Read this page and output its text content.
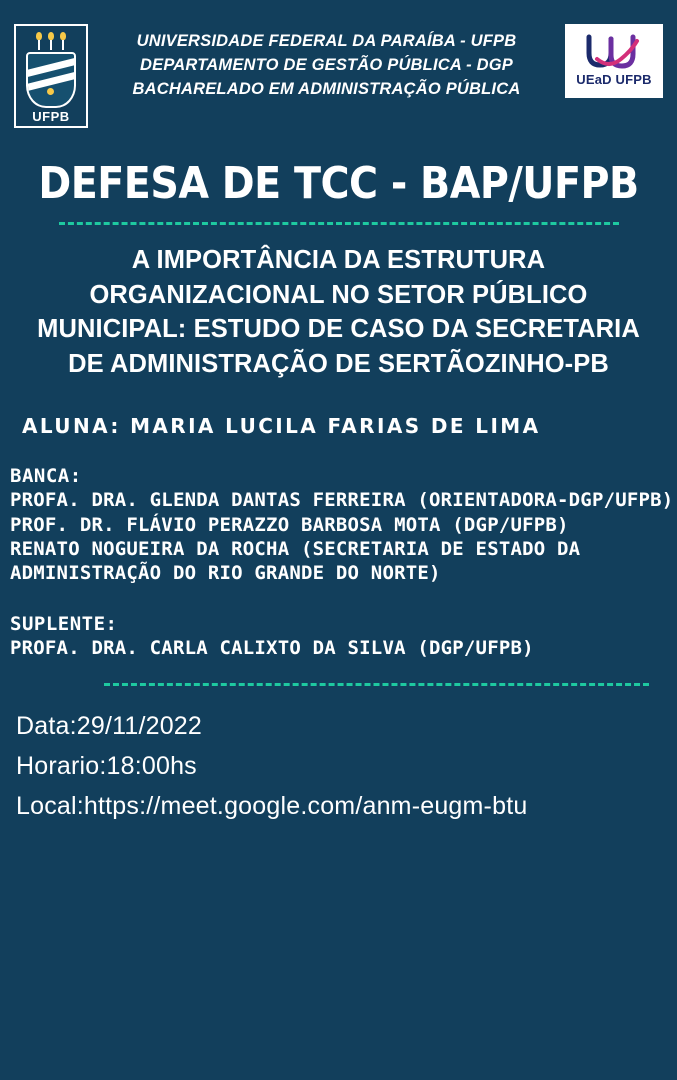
UFPB
UNIVERSIDADE FEDERAL DA PARAÍBA - UFPB
DEPARTAMENTO DE GESTÃO PÚBLICA - DGP
BACHARELADO EM ADMINISTRAÇÃO PÚBLICA
UEaD UFPB
DEFESA DE TCC - BAP/UFPB
A IMPORTÂNCIA DA ESTRUTURA ORGANIZACIONAL NO SETOR PÚBLICO MUNICIPAL: ESTUDO DE CASO DA SECRETARIA DE ADMINISTRAÇÃO DE SERTÃOZINHO-PB
ALUNA: MARIA LUCILA FARIAS DE LIMA
BANCA:
PROFA. DRA. GLENDA DANTAS FERREIRA (ORIENTADORA-DGP/UFPB)
PROF. DR. FLÁVIO PERAZZO BARBOSA MOTA (DGP/UFPB)
RENATO NOGUEIRA DA ROCHA (SECRETARIA DE ESTADO DA ADMINISTRAÇÃO DO RIO GRANDE DO NORTE)
SUPLENTE:
PROFA. DRA. CARLA CALIXTO DA SILVA (DGP/UFPB)
Data:29/11/2022
Horario:18:00hs
Local:https://meet.google.com/anm-eugm-btu
